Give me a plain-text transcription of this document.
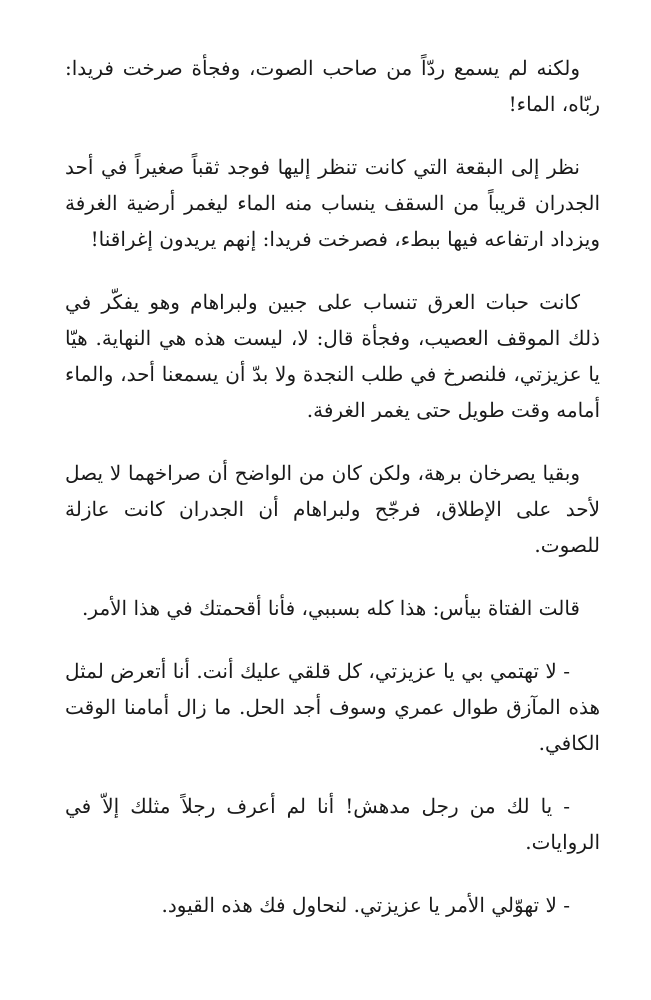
ولكنه لم يسمع ردّاً من صاحب الصوت، وفجأة صرخت فريدا: ربّاه، الماء!

نظر إلى البقعة التي كانت تنظر إليها فوجد ثقباً صغيراً في أحد الجدران قريباً من السقف ينساب منه الماء ليغمر أرضية الغرفة ويزداد ارتفاعه فيها ببطء، فصرخت فريدا: إنهم يريدون إغراقنا!

كانت حبات العرق تنساب على جبين ولبراهام وهو يفكّر في ذلك الموقف العصيب، وفجأة قال: لا، ليست هذه هي النهاية. هيّا يا عزيزتي، فلنصرخ في طلب النجدة ولا بدّ أن يسمعنا أحد، والماء أمامه وقت طويل حتى يغمر الغرفة.

وبقيا يصرخان برهة، ولكن كان من الواضح أن صراخهما لا يصل لأحد على الإطلاق، فرجّح ولبراهام أن الجدران كانت عازلة للصوت.

قالت الفتاة بيأس: هذا كله بسببي، فأنا أقحمتك في هذا الأمر.

- لا تهتمي بي يا عزيزتي، كل قلقي عليك أنت. أنا أتعرض لمثل هذه المآزق طوال عمري وسوف أجد الحل. ما زال أمامنا الوقت الكافي.

- يا لك من رجل مدهش! أنا لم أعرف رجلاً مثلك إلاّ في الروايات.

- لا تهوّلي الأمر يا عزيزتي. لنحاول فك هذه القيود.
